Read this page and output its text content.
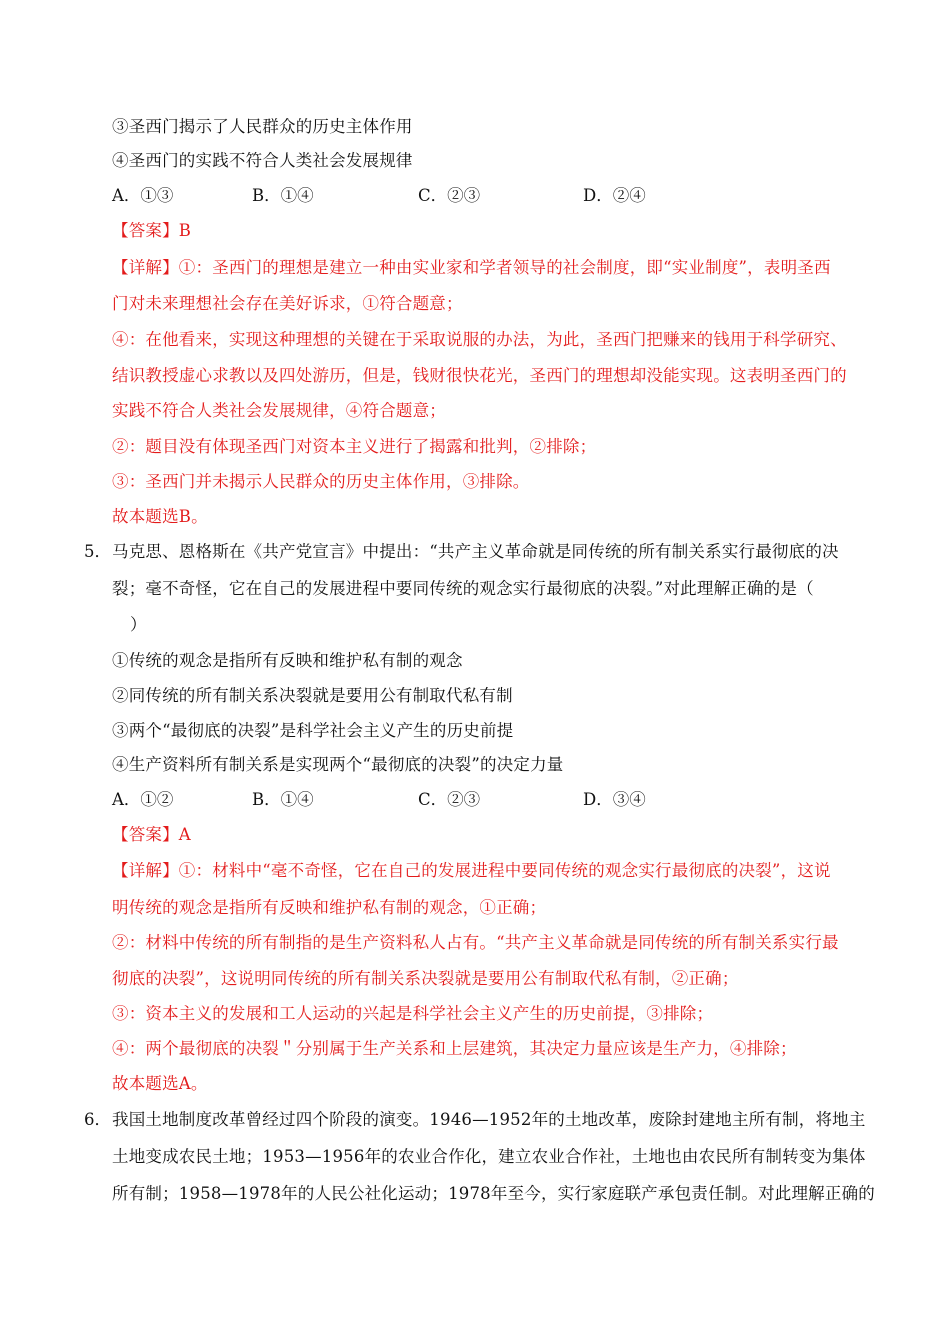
③圣西门揭示了人民群众的历史主体作用
④圣西门的实践不符合人类社会发展规律
A．①③	B．①④	C．②③	D．②④
【答案】B
【详解】①：圣西门的理想是建立一种由实业家和学者领导的社会制度，即“实业制度”，表明圣西
门对未来理想社会存在美好诉求，①符合题意；
④：在他看来，实现这种理想的关键在于采取说服的办法，为此，圣西门把赚来的钱用于科学研究、
结识教授虚心求教以及四处游历，但是，钱财很快花光，圣西门的理想却没能实现。这表明圣西门的
实践不符合人类社会发展规律，④符合题意；
②：题目没有体现圣西门对资本主义进行了揭露和批判，②排除；
③：圣西门并未揭示人民群众的历史主体作用，③排除。
故本题选B。
5． 马克思、恩格斯在《共产党宣言》中提出：“共产主义革命就是同传统的所有制关系实行最彻底的决
裂；毫不奇怪，它在自己的发展进程中要同传统的观念实行最彻底的决裂。”对此理解正确的是（
）
①传统的观念是指所有反映和维护私有制的观念
②同传统的所有制关系决裂就是要用公有制取代私有制
③两个“最彻底的决裂”是科学社会主义产生的历史前提
④生产资料所有制关系是实现两个“最彻底的决裂”的决定力量
A．①②	B．①④	C．②③	D．③④
【答案】A
【详解】①：材料中“毫不奇怪，它在自己的发展进程中要同传统的观念实行最彻底的决裂”，这说
明传统的观念是指所有反映和维护私有制的观念，①正确；
②：材料中传统的所有制指的是生产资料私人占有。“共产主义革命就是同传统的所有制关系实行最
彻底的决裂”，这说明同传统的所有制关系决裂就是要用公有制取代私有制，②正确；
③：资本主义的发展和工人运动的兴起是科学社会主义产生的历史前提，③排除；
④：两个最彻底的决裂＂分别属于生产关系和上层建筑，其决定力量应该是生产力，④排除；
故本题选A。
6． 我国土地制度改革曾经过四个阶段的演变。1946—1952年的土地改革，废除封建地主所有制，将地主
土地变成农民土地；1953—1956年的农业合作化，建立农业合作社，土地也由农民所有制转变为集体
所有制；1958—1978年的人民公社化运动；1978年至今，实行家庭联产承包责任制。对此理解正确的
